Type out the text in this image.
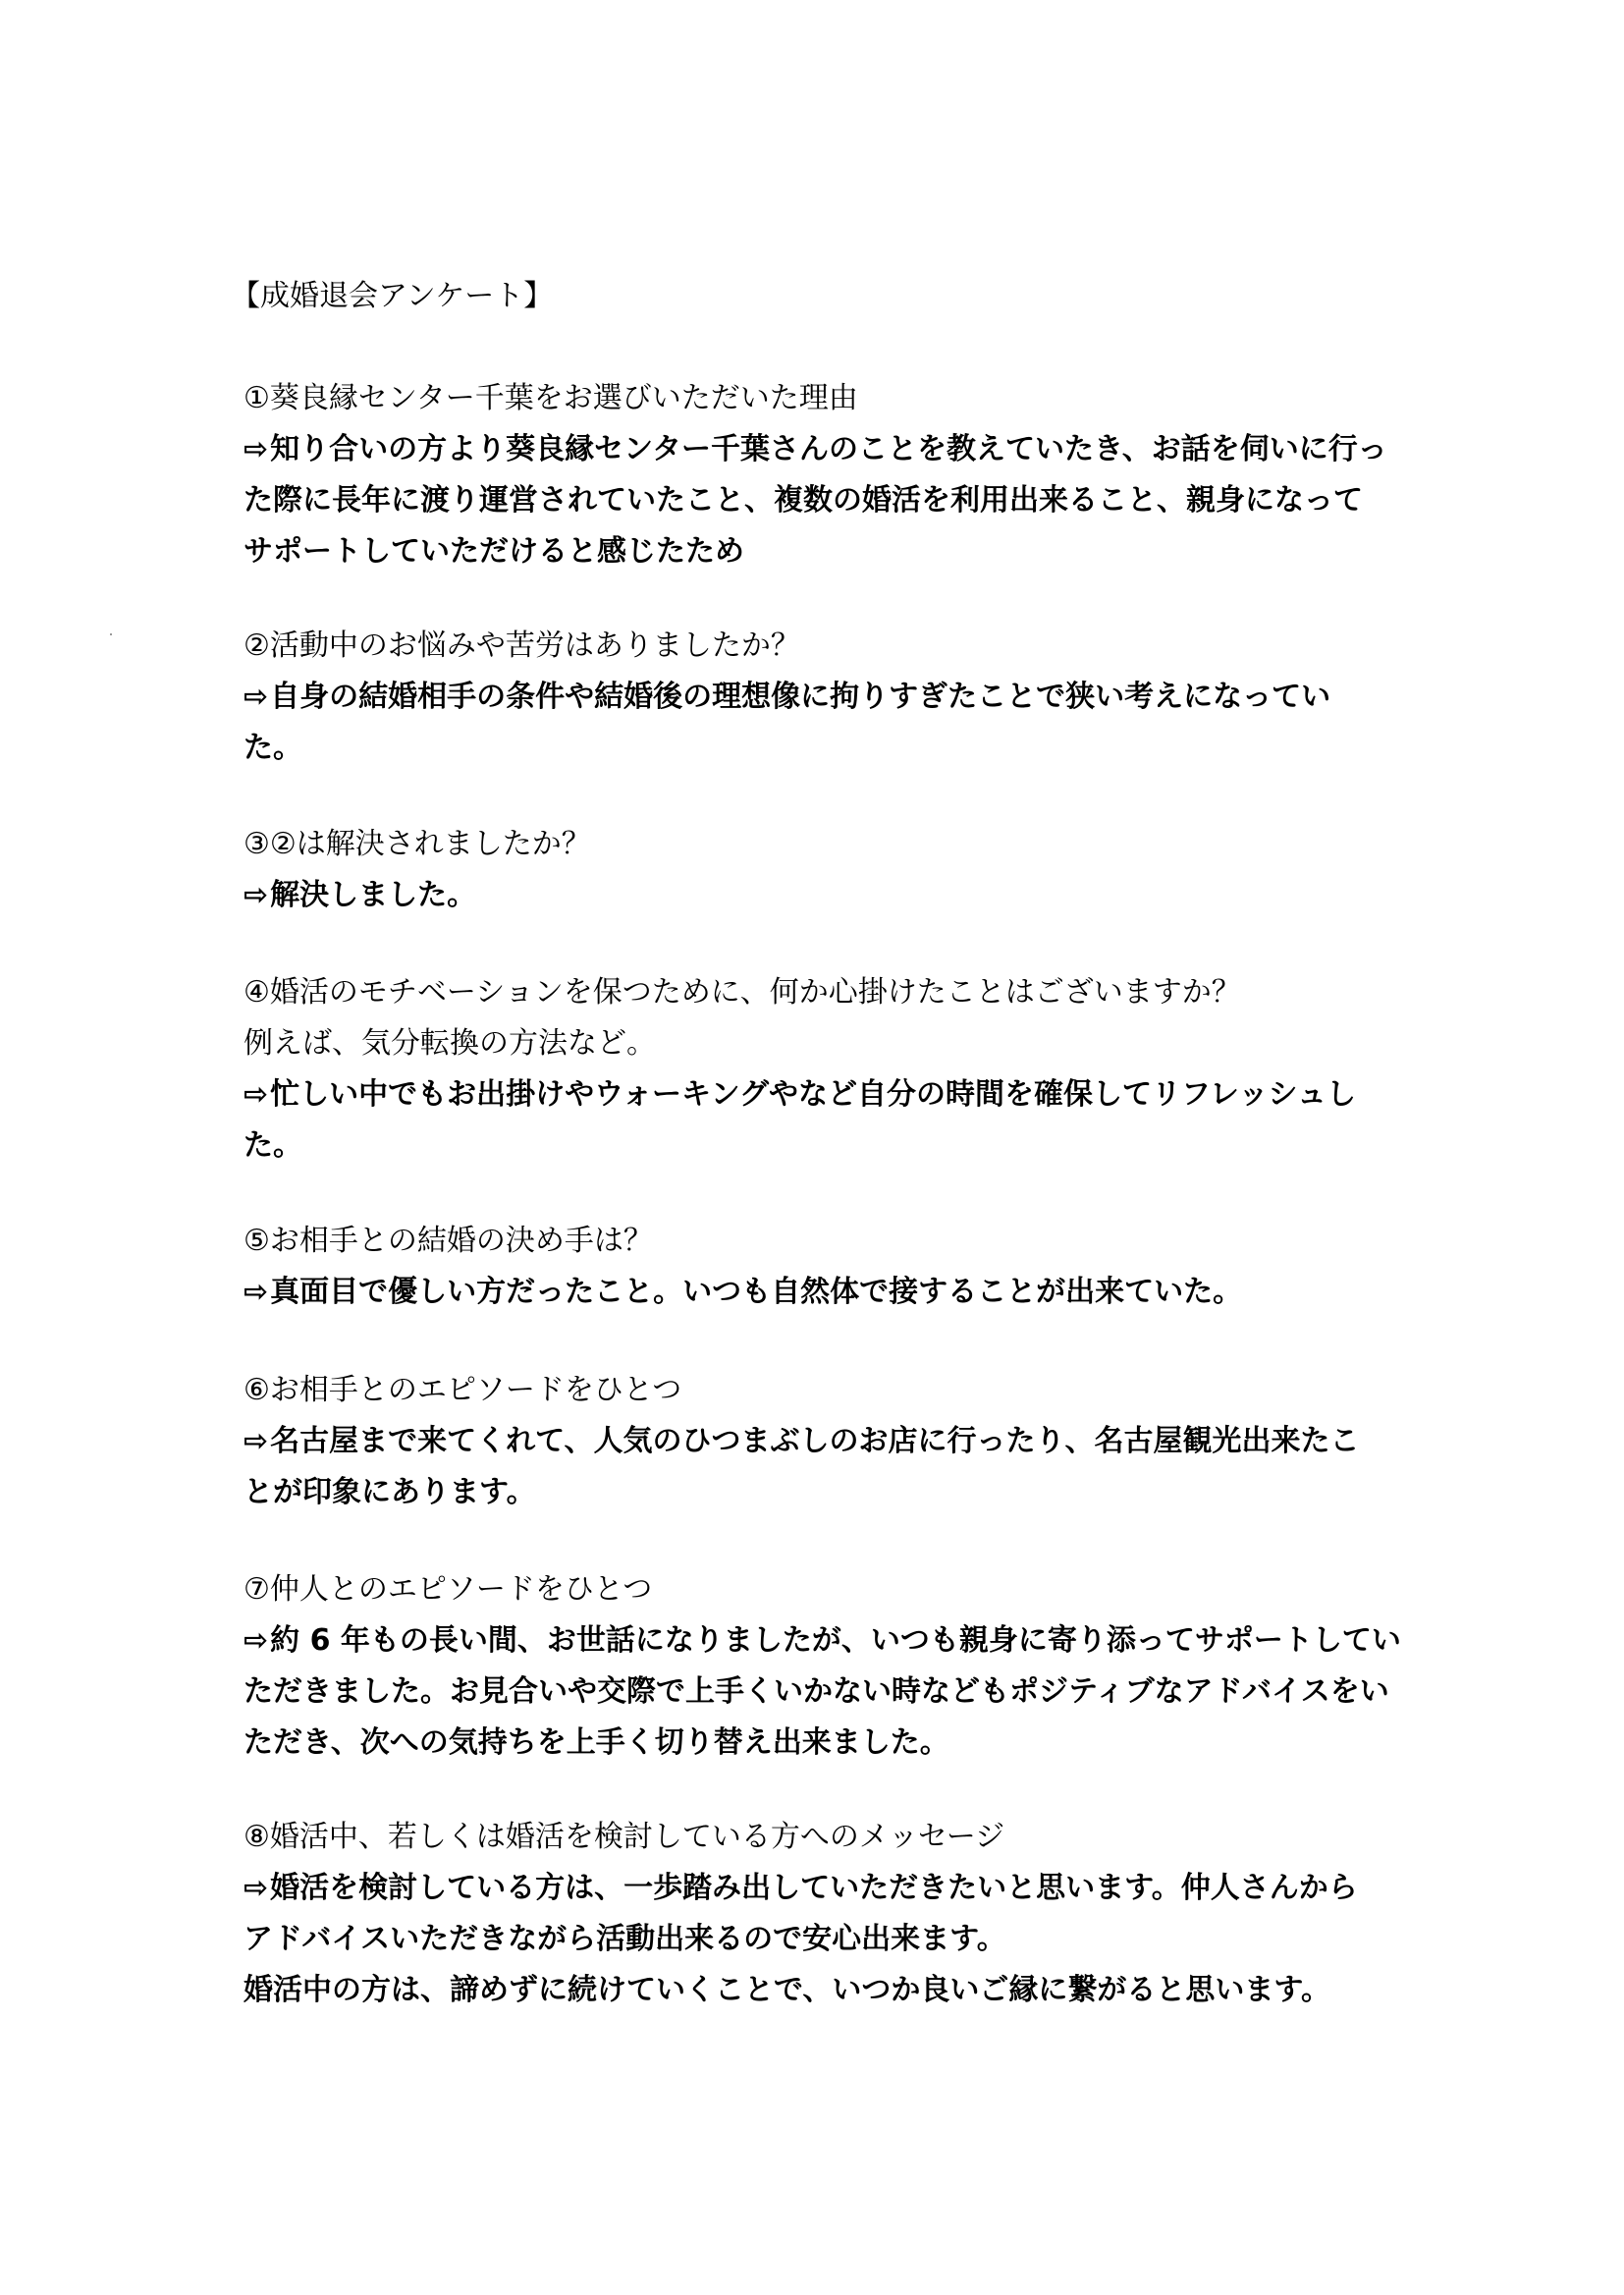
【成婚退会アンケート】
①葵良縁センター千葉をお選びいただいた理由
⇨知り合いの方より葵良縁センター千葉さんのことを教えていたき、お話を伺いに行っ
た際に長年に渡り運営されていたこと、複数の婚活を利用出来ること、親身になって
サポートしていただけると感じたため
②活動中のお悩みや苦労はありましたか？
⇨自身の結婚相手の条件や結婚後の理想像に拘りすぎたことで狭い考えになってい
た。
③②は解決されましたか？
⇨解決しました。
④婚活のモチベーションを保つために、何か心掛けたことはございますか？
例えば、気分転換の方法など。
⇨忙しい中でもお出掛けやウォーキングやなど自分の時間を確保してリフレッシュし
た。
⑤お相手との結婚の決め手は？
⇨真面目で優しい方だったこと。いつも自然体で接することが出来ていた。
⑥お相手とのエピソードをひとつ
⇨名古屋まで来てくれて、人気のひつまぶしのお店に行ったり、名古屋観光出来たこ
とが印象にあります。
⑦仲人とのエピソードをひとつ
⇨約 6 年もの長い間、お世話になりましたが、いつも親身に寄り添ってサポートしてい
ただきました。お見合いや交際で上手くいかない時などもポジティブなアドバイスをい
ただき、次への気持ちを上手く切り替え出来ました。
⑧婚活中、若しくは婚活を検討している方へのメッセージ
⇨婚活を検討している方は、一歩踏み出していただきたいと思います。仲人さんから
アドバイスいただきながら活動出来るので安心出来ます。
婚活中の方は、諦めずに続けていくことで、いつか良いご縁に繋がると思います。
